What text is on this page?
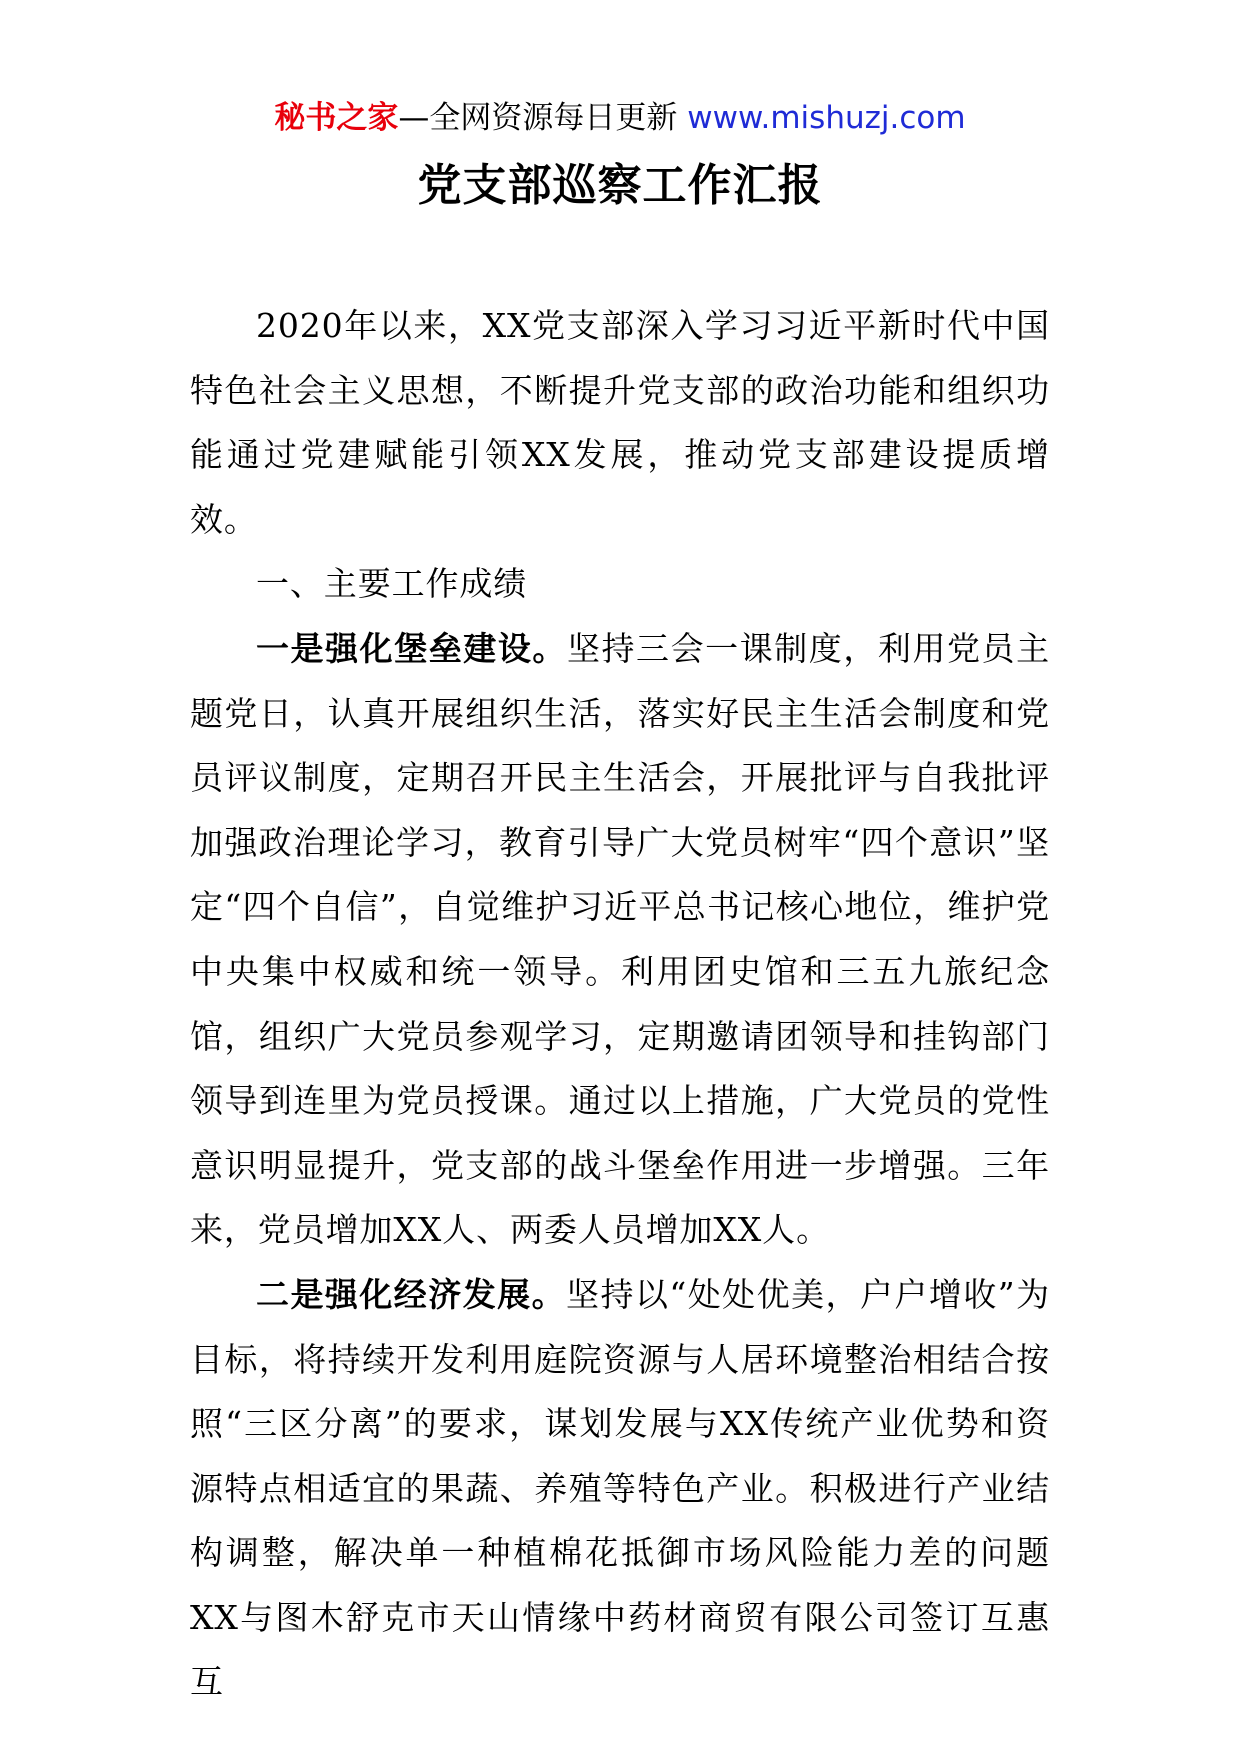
秘书之家—全网资源每日更新 www.mishuzj.com
党支部巡察工作汇报

2020年以来，XX党支部深入学习习近平新时代中国特色社会主义思想，不断提升党支部的政治功能和组织功能通过党建赋能引领XX发展，推动党支部建设提质增效。

一、主要工作成绩

一是强化堡垒建设。坚持三会一课制度，利用党员主题党日，认真开展组织生活，落实好民主生活会制度和党员评议制度，定期召开民主生活会，开展批评与自我批评加强政治理论学习，教育引导广大党员树牢“四个意识”坚定“四个自信”，自觉维护习近平总书记核心地位，维护党中央集中权威和统一领导。利用团史馆和三五九旅纪念馆，组织广大党员参观学习，定期邀请团领导和挂钩部门领导到连里为党员授课。通过以上措施，广大党员的党性意识明显提升，党支部的战斗堡垒作用进一步增强。三年来，党员增加XX人、两委人员增加XX人。

二是强化经济发展。坚持以“处处优美，户户增收”为目标，将持续开发利用庭院资源与人居环境整治相结合按照“三区分离”的要求，谋划发展与XX传统产业优势和资源特点相适宜的果蔬、养殖等特色产业。积极进行产业结构调整，解决单一种植棉花抵御市场风险能力差的问题XX与图木舒克市天山情缘中药材商贸有限公司签订互惠互
